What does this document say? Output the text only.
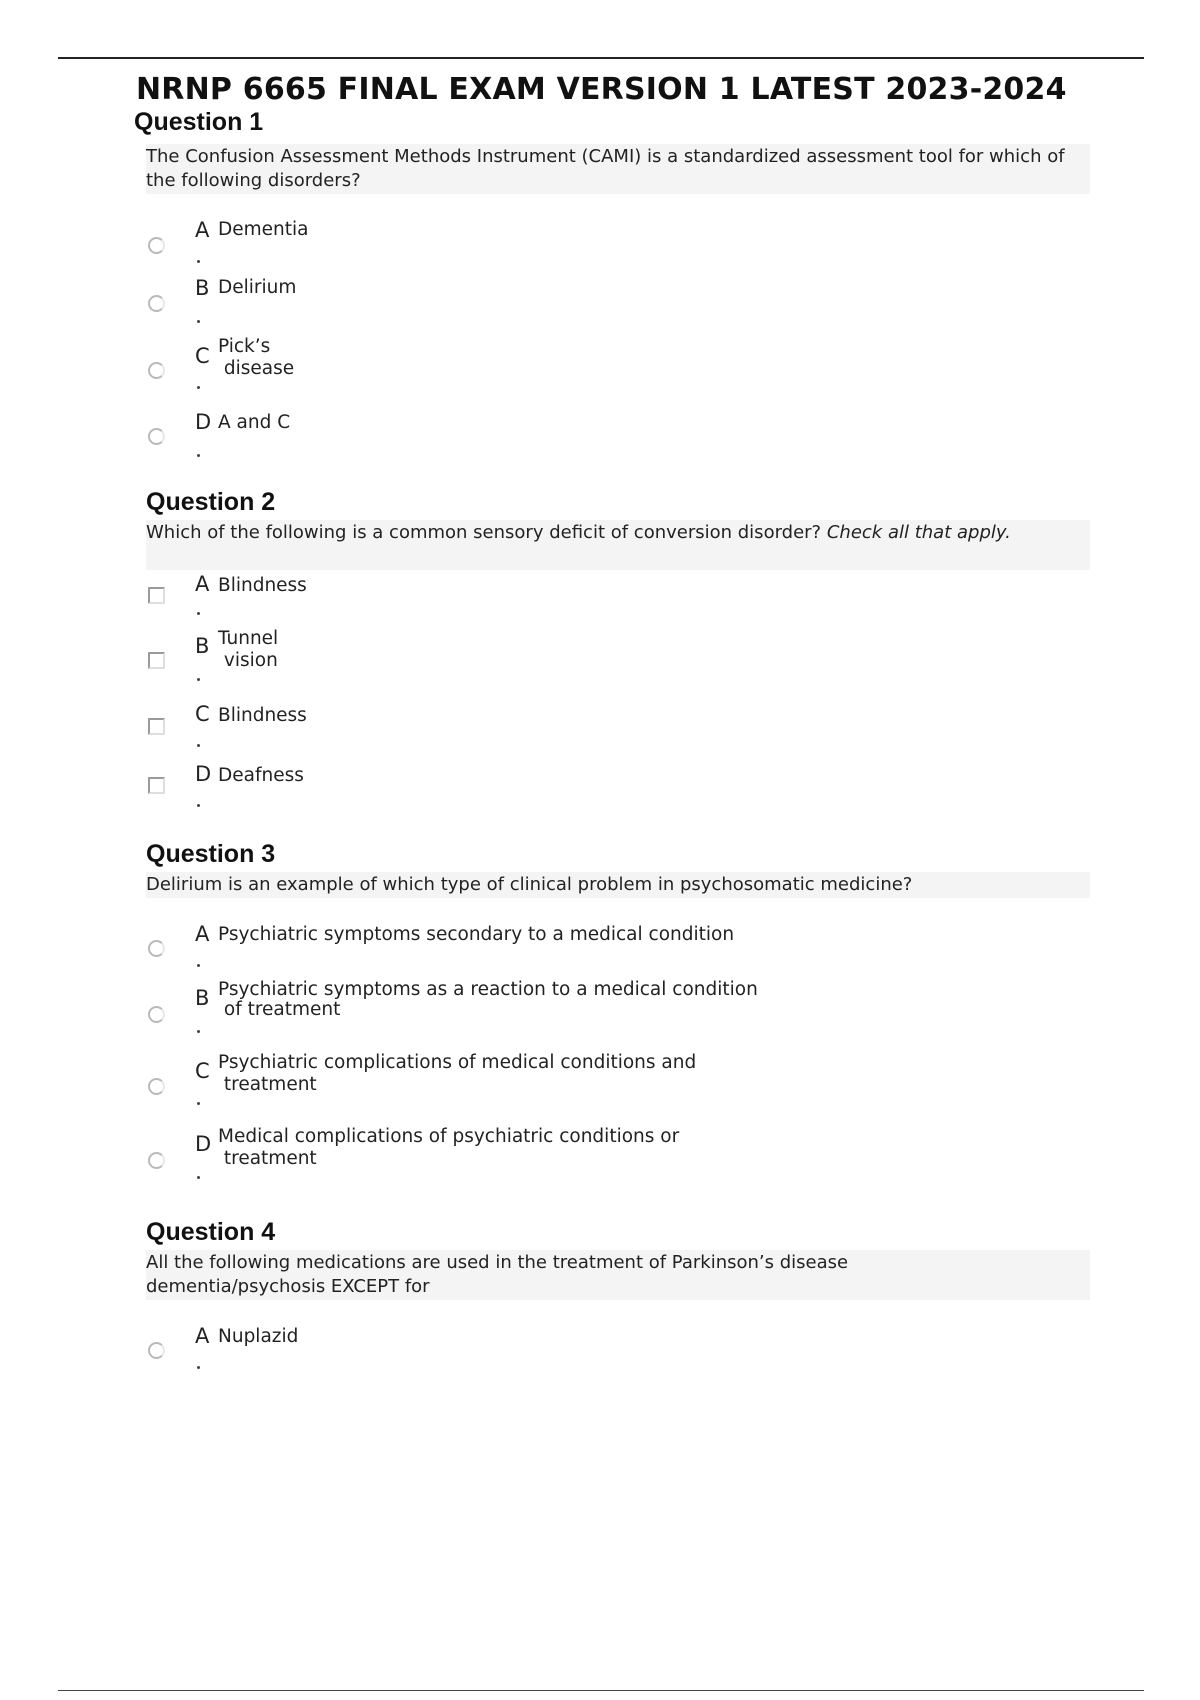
NRNP 6665 FINAL EXAM VERSION 1 LATEST 2023-2024
Question 1
The Confusion Assessment Methods Instrument (CAMI) is a standardized assessment tool for which of the following disorders?
A Dementia
B Delirium
C Pick’s
disease
D A and C
Question 2
Which of the following is a common sensory deficit of conversion disorder? Check all that apply.
A Blindness
B Tunnel
vision
C Blindness
D Deafness
Question 3
Delirium is an example of which type of clinical problem in psychosomatic medicine?
A Psychiatric symptoms secondary to a medical condition
B Psychiatric symptoms as a reaction to a medical condition
of treatment
C Psychiatric complications of medical conditions and
treatment
D Medical complications of psychiatric conditions or
treatment
Question 4
All the following medications are used in the treatment of Parkinson’s disease
dementia/psychosis EXCEPT for
A Nuplazid
